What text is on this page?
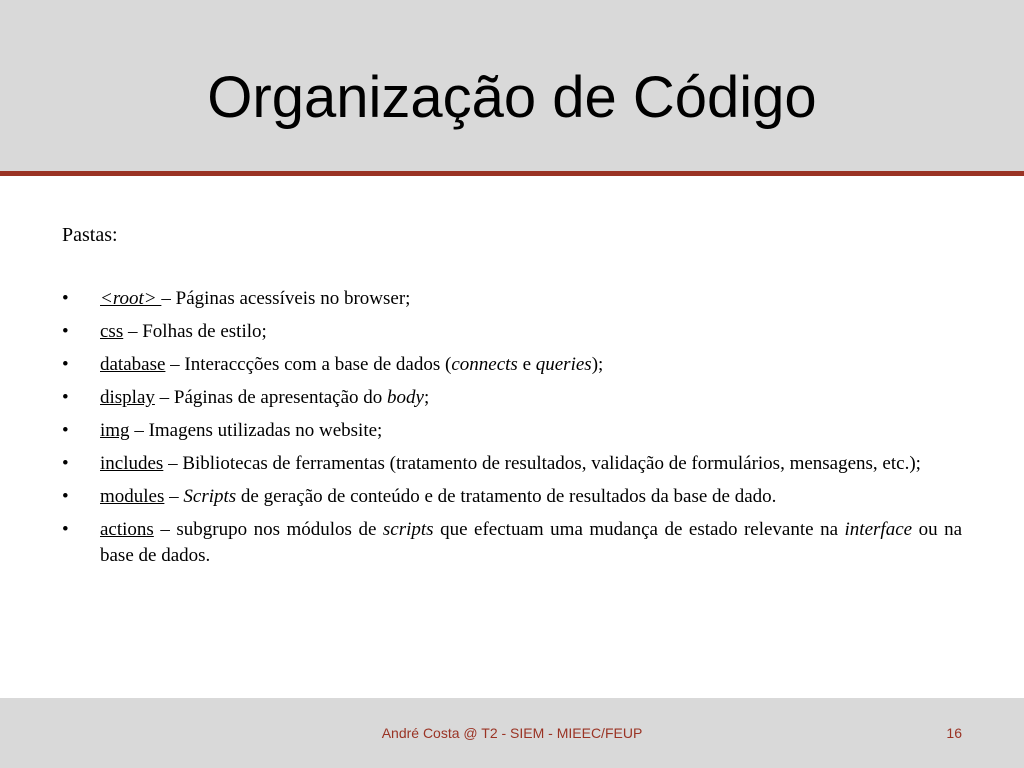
Organização de Código

Pastas:

• <root> – Páginas acessíveis no browser;
• css – Folhas de estilo;
• database – Interaccções com a base de dados (connects e queries);
• display – Páginas de apresentação do body;
• img – Imagens utilizadas no website;
• includes – Bibliotecas de ferramentas (tratamento de resultados, validação de formulários, mensagens, etc.);
• modules – Scripts de geração de conteúdo e de tratamento de resultados da base de dado.
• actions – subgrupo nos módulos de scripts que efectuam uma mudança de estado relevante na interface ou na base de dados.
André Costa @ T2 - SIEM - MIEEC/FEUP	16
